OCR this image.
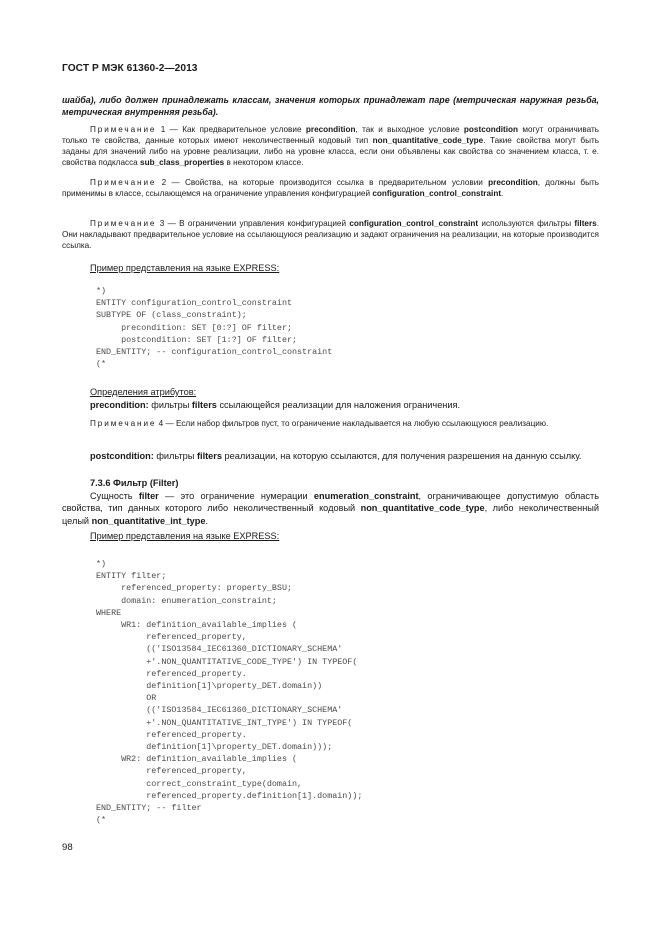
ГОСТ Р МЭК 61360-2—2013
шайба), либо должен принадлежать классам, значения которых принадлежат паре (метрическая наружная резьба, метрическая внутренняя резьба).
Примечание 1 — Как предварительное условие precondition, так и выходное условие postcondition могут ограничивать только те свойства, данные которых имеют неколичественный кодовый тип non_quantitative_code_type. Такие свойства могут быть заданы для значений либо на уровне реализации, либо на уровне класса, если они объявлены как свойства со значением класса, т. е. свойства подкласса sub_class_properties в некотором классе.
Примечание 2 — Свойства, на которые производится ссылка в предварительном условии precondition, должны быть применимы в классе, ссылающемся на ограничение управления конфигурацией configuration_control_constraint.
Примечание 3 — В ограничении управления конфигурацией configuration_control_constraint используются фильтры filters. Они накладывают предварительное условие на ссылающуюся реализацию и задают ограничения на реализации, на которые производится ссылка.
Пример представления на языке EXPRESS:
*)
ENTITY configuration_control_constraint
SUBTYPE OF (class_constraint);
precondition: SET [0:?] OF filter;
postcondition: SET [1:?] OF filter;
END_ENTITY; -- configuration_control_constraint
(*
Определения атрибутов:
precondition: фильтры filters ссылающейся реализации для наложения ограничения.
Примечание 4 — Если набор фильтров пуст, то ограничение накладывается на любую ссылающуюся реализацию.
postcondition: фильтры filters реализации, на которую ссылаются, для получения разрешения на данную ссылку.
7.3.6 Фильтр (Filter)
Сущность filter — это ограничение нумерации enumeration_constraint, ограничивающее допустимую область свойства, тип данных которого либо неколичественный кодовый non_quantitative_code_type, либо неколичественный целый non_quantitative_int_type.
Пример представления на языке EXPRESS:
*)
ENTITY filter;
referenced_property: property_BSU;
domain: enumeration_constraint;
WHERE
WR1: definition_available_implies (
referenced_property,
(('ISO13584_IEC61360_DICTIONARY_SCHEMA'
+'.NON_QUANTITATIVE_CODE_TYPE') IN TYPEOF(
referenced_property.
definition[1]\property_DET.domain))
OR
(('ISO13584_IEC61360_DICTIONARY_SCHEMA'
+'.NON_QUANTITATIVE_INT_TYPE') IN TYPEOF(
referenced_property.
definition[1]\property_DET.domain)));
WR2: definition_available_implies (
referenced_property,
correct_constraint_type(domain,
referenced_property.definition[1].domain));
END_ENTITY; -- filter
(*
98
